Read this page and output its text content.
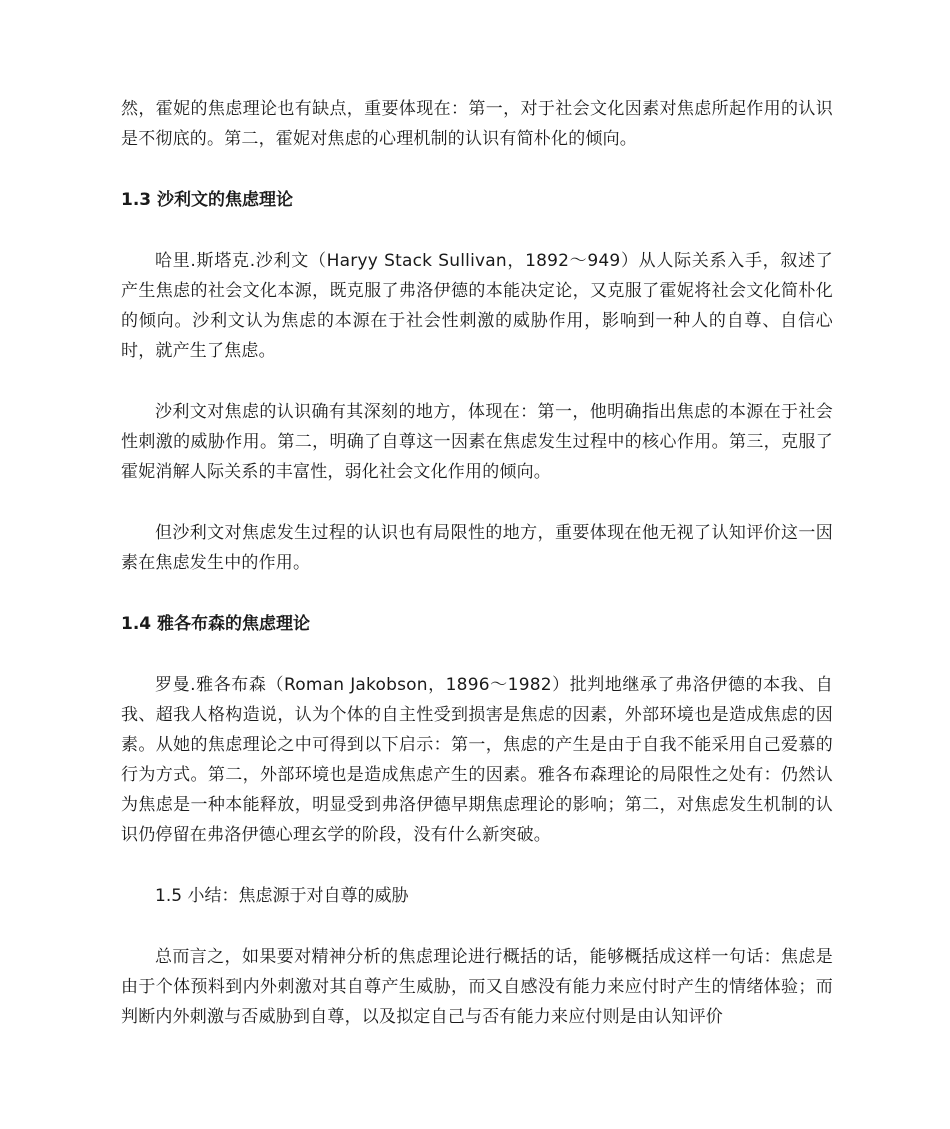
然，霍妮的焦虑理论也有缺点，重要体现在：第一，对于社会文化因素对焦虑所起作用的认识是不彻底的。第二，霍妮对焦虑的心理机制的认识有简朴化的倾向。

1.3 沙利文的焦虑理论

哈里.斯塔克.沙利文（Haryy Stack Sullivan，1892～949）从人际关系入手，叙述了产生焦虑的社会文化本源，既克服了弗洛伊德的本能决定论，又克服了霍妮将社会文化简朴化的倾向。沙利文认为焦虑的本源在于社会性刺激的威胁作用，影响到一种人的自尊、自信心时，就产生了焦虑。

沙利文对焦虑的认识确有其深刻的地方，体现在：第一，他明确指出焦虑的本源在于社会性刺激的威胁作用。第二，明确了自尊这一因素在焦虑发生过程中的核心作用。第三，克服了霍妮消解人际关系的丰富性，弱化社会文化作用的倾向。

但沙利文对焦虑发生过程的认识也有局限性的地方，重要体现在他无视了认知评价这一因素在焦虑发生中的作用。

1.4 雅各布森的焦虑理论

罗曼.雅各布森（Roman Jakobson，1896～1982）批判地继承了弗洛伊德的本我、自我、超我人格构造说，认为个体的自主性受到损害是焦虑的因素，外部环境也是造成焦虑的因素。从她的焦虑理论之中可得到以下启示：第一，焦虑的产生是由于自我不能采用自己爱慕的行为方式。第二，外部环境也是造成焦虑产生的因素。雅各布森理论的局限性之处有：仍然认为焦虑是一种本能释放，明显受到弗洛伊德早期焦虑理论的影响；第二，对焦虑发生机制的认识仍停留在弗洛伊德心理玄学的阶段，没有什么新突破。

1.5 小结：焦虑源于对自尊的威胁

总而言之，如果要对精神分析的焦虑理论进行概括的话，能够概括成这样一句话：焦虑是由于个体预料到内外刺激对其自尊产生威胁，而又自感没有能力来应付时产生的情绪体验；而判断内外刺激与否威胁到自尊，以及拟定自己与否有能力来应付则是由认知评价
